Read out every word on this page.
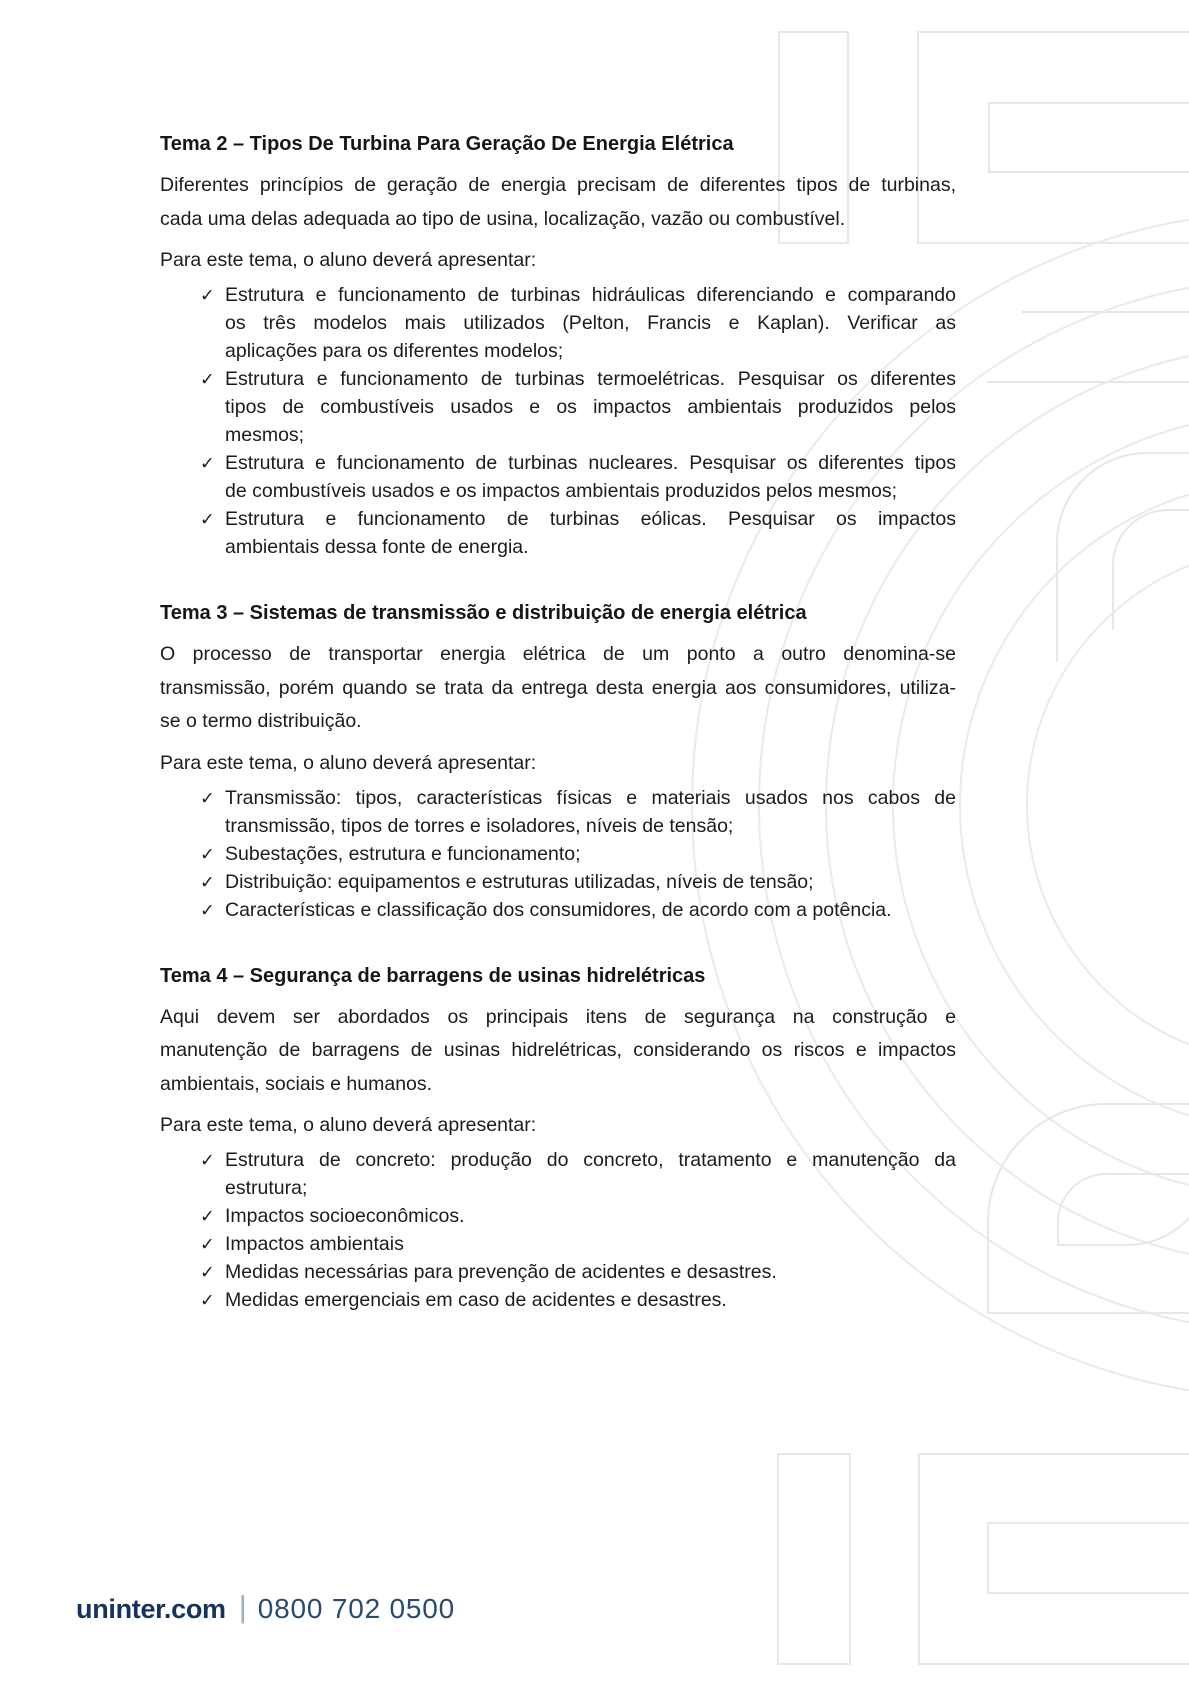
Tema 2 – Tipos De Turbina Para Geração De Energia Elétrica
Diferentes princípios de geração de energia precisam de diferentes tipos de turbinas,
cada uma delas adequada ao tipo de usina, localização, vazão ou combustível.
Para este tema, o aluno deverá apresentar:
✓ Estrutura e funcionamento de turbinas hidráulicas diferenciando e comparando
os três modelos mais utilizados (Pelton, Francis e Kaplan). Verificar as
aplicações para os diferentes modelos;
✓ Estrutura e funcionamento de turbinas termoelétricas. Pesquisar os diferentes
tipos de combustíveis usados e os impactos ambientais produzidos pelos
mesmos;
✓ Estrutura e funcionamento de turbinas nucleares. Pesquisar os diferentes tipos
de combustíveis usados e os impactos ambientais produzidos pelos mesmos;
✓ Estrutura e funcionamento de turbinas eólicas. Pesquisar os impactos
ambientais dessa fonte de energia.
Tema 3 – Sistemas de transmissão e distribuição de energia elétrica
O processo de transportar energia elétrica de um ponto a outro denomina-se
transmissão, porém quando se trata da entrega desta energia aos consumidores, utiliza-
se o termo distribuição.
Para este tema, o aluno deverá apresentar:
✓ Transmissão: tipos, características físicas e materiais usados nos cabos de
transmissão, tipos de torres e isoladores, níveis de tensão;
✓ Subestações, estrutura e funcionamento;
✓ Distribuição: equipamentos e estruturas utilizadas, níveis de tensão;
✓ Características e classificação dos consumidores, de acordo com a potência.
Tema 4 – Segurança de barragens de usinas hidrelétricas
Aqui devem ser abordados os principais itens de segurança na construção e
manutenção de barragens de usinas hidrelétricas, considerando os riscos e impactos
ambientais, sociais e humanos.
Para este tema, o aluno deverá apresentar:
✓ Estrutura de concreto: produção do concreto, tratamento e manutenção da
estrutura;
✓ Impactos socioeconômicos.
✓ Impactos ambientais
✓ Medidas necessárias para prevenção de acidentes e desastres.
✓ Medidas emergenciais em caso de acidentes e desastres.
uninter.com | 0800 702 0500
